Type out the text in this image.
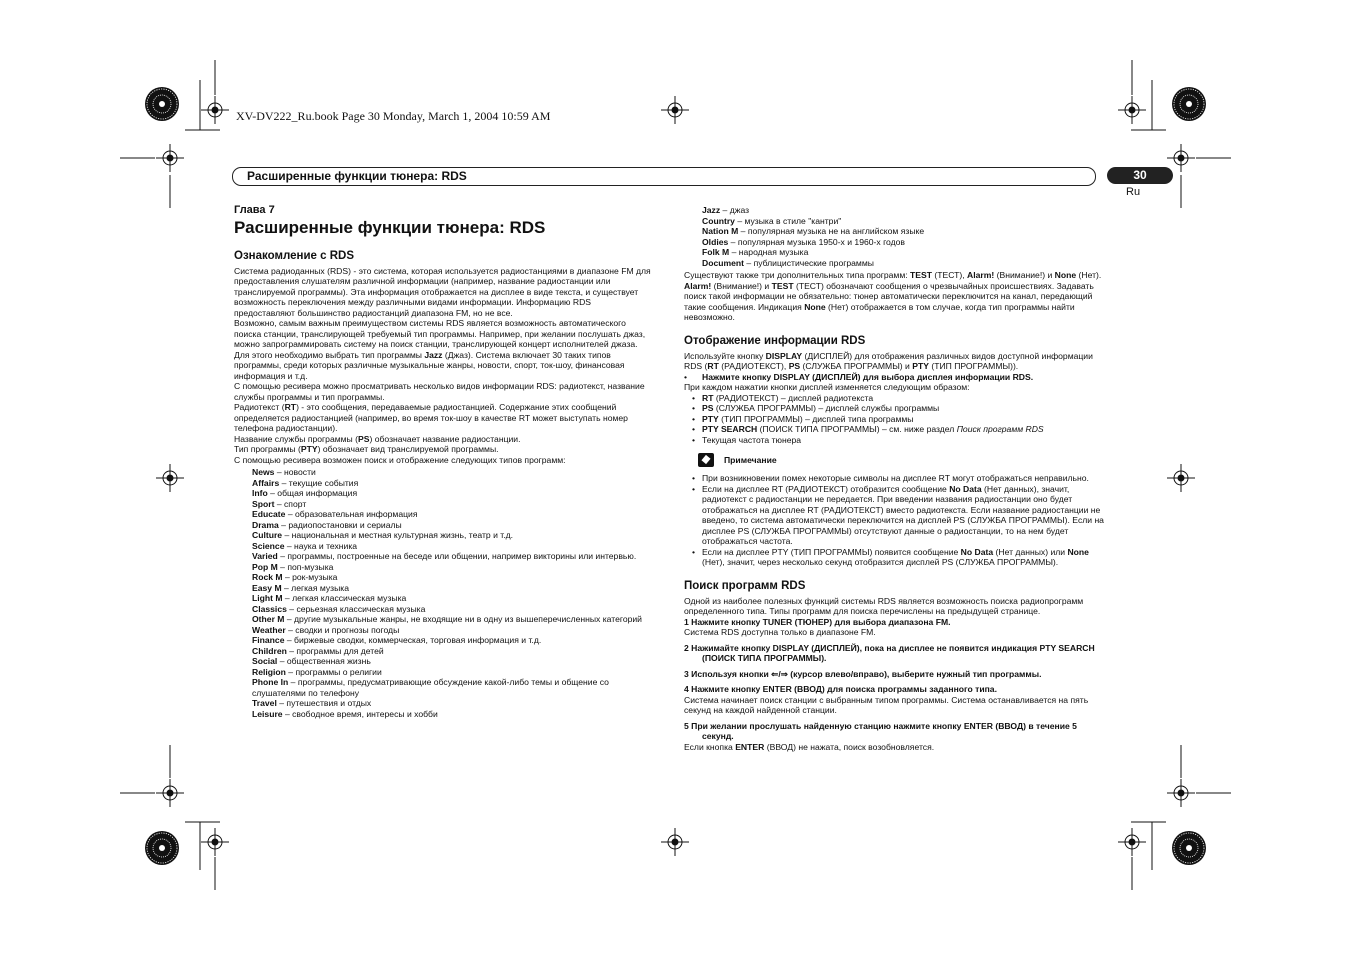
XV-DV222_Ru.book Page 30 Monday, March 1, 2004 10:59 AM
Расширенные функции тюнера: RDS	30
Ru

Глава 7

Расширенные функции тюнера: RDS

Ознакомление с RDS

Система радиоданных (RDS) - это система, которая используется радиостанциями в диапазоне FM для предоставления слушателям различной информации (например, название радиостанции или транслируемой программы). Эта информация отображается на дисплее в виде текста, и существует возможность переключения между различными видами информации. Информацию RDS предоставляют большинство радиостанций диапазона FM, но не все.

Возможно, самым важным преимуществом системы RDS является возможность автоматического поиска станции, транслирующей требуемый тип программы. Например, при желании послушать джаз, можно запрограммировать систему на поиск станции, транслирующей концерт исполнителей джаза. Для этого необходимо выбрать тип программы Jazz (Джаз). Система включает 30 таких типов программы, среди которых различные музыкальные жанры, новости, спорт, ток-шоу, финансовая информация и т.д.

С помощью ресивера можно просматривать несколько видов информации RDS: радиотекст, название службы программы и тип программы.

Радиотекст (RT) - это сообщения, передаваемые радиостанцией. Содержание этих сообщений определяется радиостанцией (например, во время ток-шоу в качестве RT может выступать номер телефона радиостанции).

Название службы программы (PS) обозначает название радиостанции.

Тип программы (PTY) обозначает вид транслируемой программы.

С помощью ресивера возможен поиск и отображение следующих типов программ:

News – новости

Affairs – текущие события

Info – общая информация

Sport – спорт

Educate – образовательная информация

Drama – радиопостановки и сериалы

Culture – национальная и местная культурная жизнь, театр и т.д.

Science – наука и техника

Varied – программы, построенные на беседе или общении, например викторины или интервью.

Pop M – поп-музыка

Rock M – рок-музыка

Easy M – легкая музыка

Light M – легкая классическая музыка

Classics – серьезная классическая музыка

Other M – другие музыкальные жанры, не входящие ни в одну из вышеперечисленных категорий

Weather – сводки и прогнозы погоды

Finance – биржевые сводки, коммерческая, торговая информация и т.д.

Children – программы для детей

Social – общественная жизнь

Religion – программы о религии

Phone In – программы, предусматривающие обсуждение какой-либо темы и общение со слушателями по телефону

Travel – путешествия и отдых

Leisure – свободное время, интересы и хобби

Jazz – джаз

Country – музыка в стиле "кантри"

Nation M – популярная музыка не на английском языке

Oldies – популярная музыка 1950-х и 1960-х годов

Folk M – народная музыка

Document – публицистические программы

Существуют также три дополнительных типа программ: TEST (ТЕСТ), Alarm! (Внимание!) и None (Нет). Alarm! (Внимание!) и TEST (ТЕСТ) обозначают сообщения о чрезвычайных происшествиях. Задавать поиск такой информации не обязательно: тюнер автоматически переключится на канал, передающий такие сообщения. Индикация None (Нет) отображается в том случае, когда тип программы найти невозможно.

Отображение информации RDS

Используйте кнопку DISPLAY (ДИСПЛЕЙ) для отображения различных видов доступной информации RDS (RT (РАДИОТЕКСТ), PS (СЛУЖБА ПРОГРАММЫ) и PTY (ТИП ПРОГРАММЫ)).

• Нажмите кнопку DISPLAY (ДИСПЛЕЙ) для выбора дисплея информации RDS.

При каждом нажатии кнопки дисплей изменяется следующим образом:

• RT (РАДИОТЕКСТ) – дисплей радиотекста

• PS (СЛУЖБА ПРОГРАММЫ) – дисплей службы программы

• PTY (ТИП ПРОГРАММЫ) – дисплей типа программы

• PTY SEARCH (ПОИСК ТИПА ПРОГРАММЫ) – см. ниже раздел Поиск программ RDS

• Текущая частота тюнера

Примечание

• При возникновении помех некоторые символы на дисплее RT могут отображаться неправильно.

• Если на дисплее RT (РАДИОТЕКСТ) отобразится сообщение No Data (Нет данных), значит, радиотекст с радиостанции не передается. При введении названия радиостанции оно будет отображаться на дисплее RT (РАДИОТЕКСТ) вместо радиотекста. Если название радиостанции не введено, то система автоматически переключится на дисплей PS (СЛУЖБА ПРОГРАММЫ). Если на дисплее PS (СЛУЖБА ПРОГРАММЫ) отсутствуют данные о радиостанции, то на нем будет отображаться частота.

• Если на дисплее PTY (ТИП ПРОГРАММЫ) появится сообщение No Data (Нет данных) или None (Нет), значит, через несколько секунд отобразится дисплей PS (СЛУЖБА ПРОГРАММЫ).

Поиск программ RDS

Одной из наиболее полезных функций системы RDS является возможность поиска радиопрограмм определенного типа. Типы программ для поиска перечислены на предыдущей странице.

1 Нажмите кнопку TUNER (ТЮНЕР) для выбора диапазона FM.

Система RDS доступна только в диапазоне FM.

2 Нажимайте кнопку DISPLAY (ДИСПЛЕЙ), пока на дисплее не появится индикация PTY SEARCH (ПОИСК ТИПА ПРОГРАММЫ).

3 Используя кнопки ⇐/⇒ (курсор влево/вправо), выберите нужный тип программы.

4 Нажмите кнопку ENTER (ВВОД) для поиска программы заданного типа.

Система начинает поиск станции с выбранным типом программы. Система останавливается на пять секунд на каждой найденной станции.

5 При желании прослушать найденную станцию нажмите кнопку ENTER (ВВОД) в течение 5 секунд.

Если кнопка ENTER (ВВОД) не нажата, поиск возобновляется.
